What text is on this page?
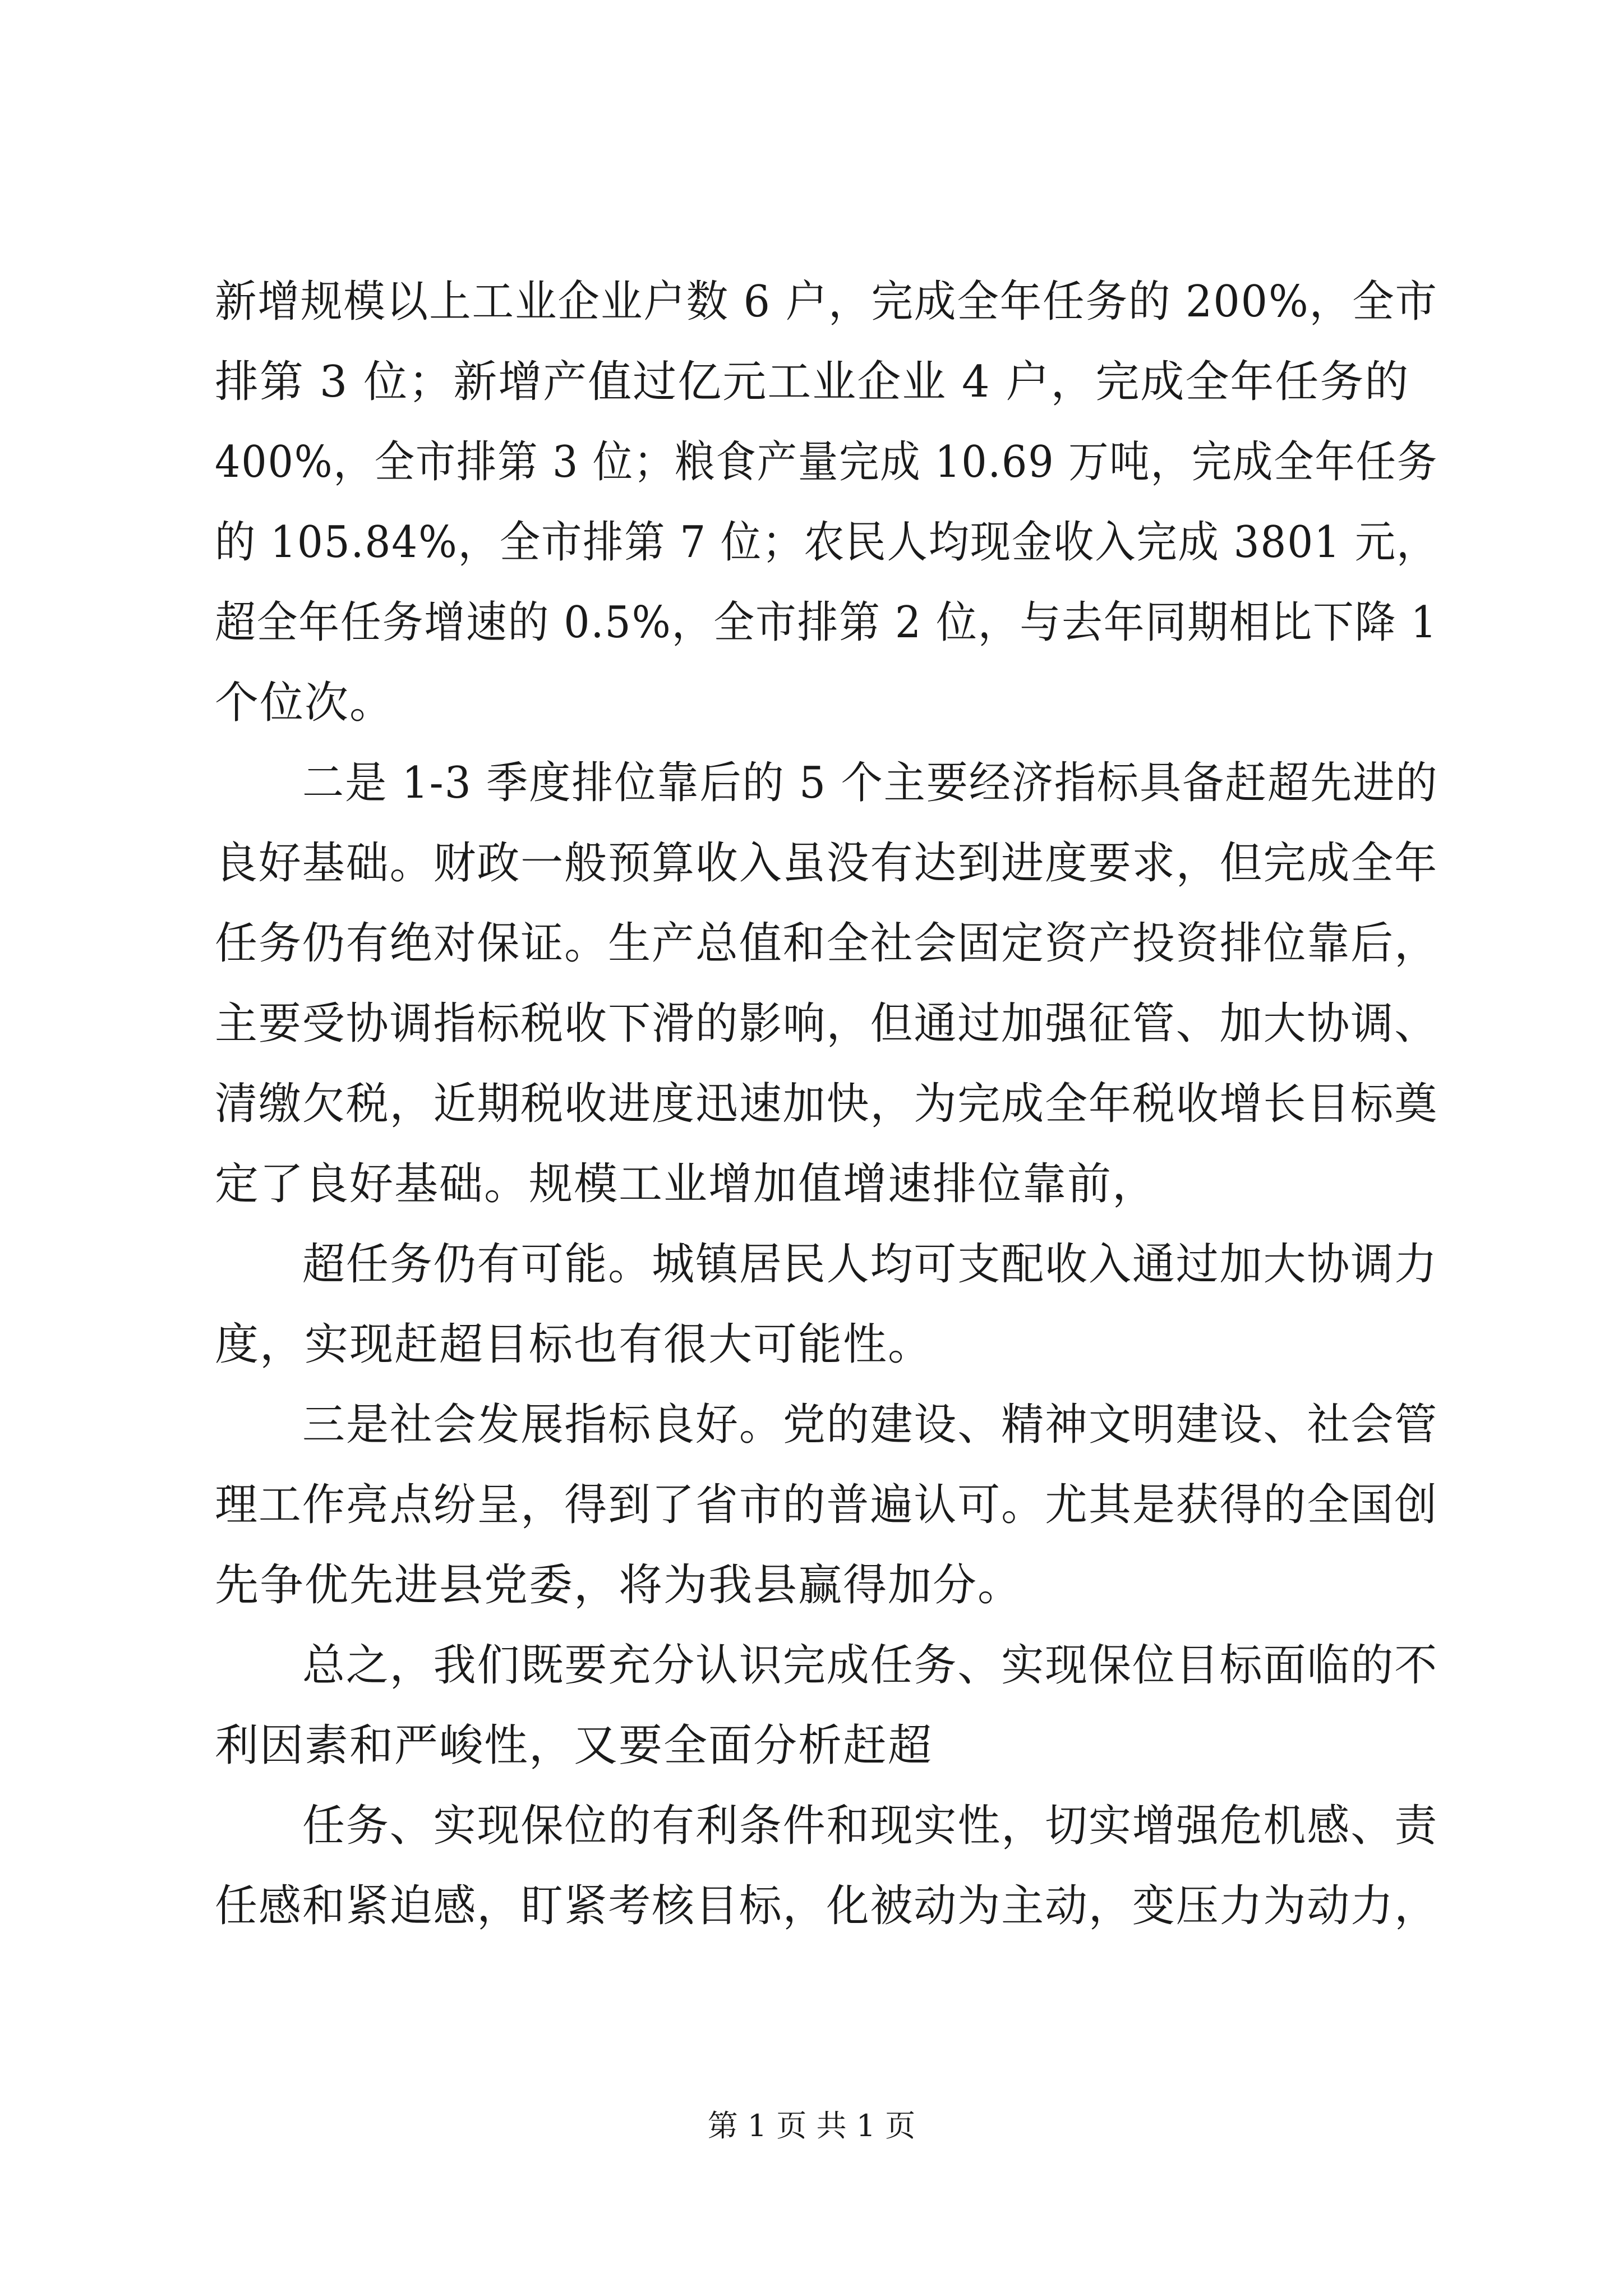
新增规模以上工业企业户数 6 户，完成全年任务的 200%，全市
排第 3 位；新增产值过亿元工业企业 4 户，完成全年任务的
400%，全市排第 3 位；粮食产量完成 10.69 万吨，完成全年任务
的 105.84%，全市排第 7 位；农民人均现金收入完成 3801 元，
超全年任务增速的 0.5%，全市排第 2 位，与去年同期相比下降 1
个位次。
二是 1-3 季度排位靠后的 5 个主要经济指标具备赶超先进的
良好基础。财政一般预算收入虽没有达到进度要求，但完成全年
任务仍有绝对保证。生产总值和全社会固定资产投资排位靠后，
主要受协调指标税收下滑的影响，但通过加强征管、加大协调、
清缴欠税，近期税收进度迅速加快，为完成全年税收增长目标奠
定了良好基础。规模工业增加值增速排位靠前，
超任务仍有可能。城镇居民人均可支配收入通过加大协调力
度，实现赶超目标也有很大可能性。
三是社会发展指标良好。党的建设、精神文明建设、社会管
理工作亮点纷呈，得到了省市的普遍认可。尤其是获得的全国创
先争优先进县党委，将为我县赢得加分。
总之，我们既要充分认识完成任务、实现保位目标面临的不
利因素和严峻性，又要全面分析赶超
任务、实现保位的有利条件和现实性，切实增强危机感、责
任感和紧迫感，盯紧考核目标，化被动为主动，变压力为动力，
第 1 页 共 1 页
